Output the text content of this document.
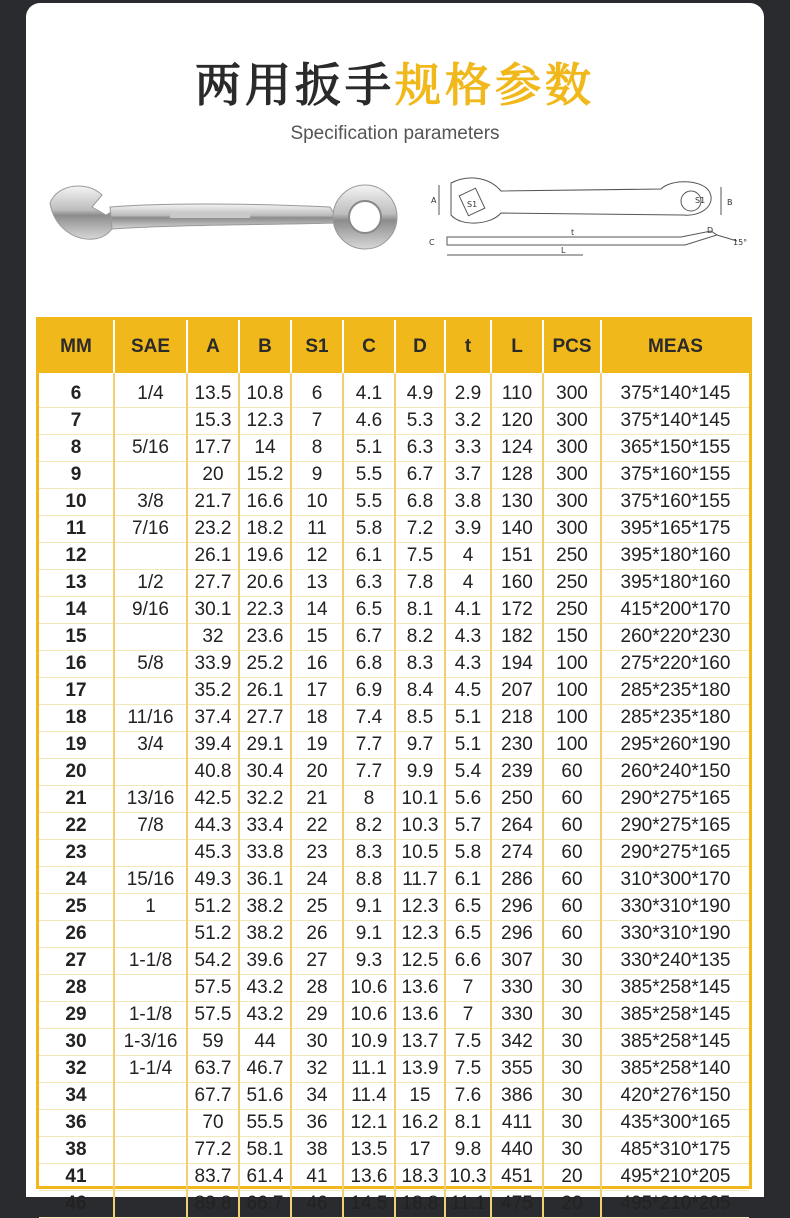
两用扳手规格参数
Specification parameters
B
A
C
D
t
L
S1
S1
15°
MM	SAE	A	B	S1	C	D	t	L	PCS	MEAS
6	1/4	13.5	10.8	6	4.1	4.9	2.9	110	300	375*140*145
7		15.3	12.3	7	4.6	5.3	3.2	120	300	375*140*145
8	5/16	17.7	14	8	5.1	6.3	3.3	124	300	365*150*155
9		20	15.2	9	5.5	6.7	3.7	128	300	375*160*155
10	3/8	21.7	16.6	10	5.5	6.8	3.8	130	300	375*160*155
11	7/16	23.2	18.2	11	5.8	7.2	3.9	140	300	395*165*175
12		26.1	19.6	12	6.1	7.5	4	151	250	395*180*160
13	1/2	27.7	20.6	13	6.3	7.8	4	160	250	395*180*160
14	9/16	30.1	22.3	14	6.5	8.1	4.1	172	250	415*200*170
15		32	23.6	15	6.7	8.2	4.3	182	150	260*220*230
16	5/8	33.9	25.2	16	6.8	8.3	4.3	194	100	275*220*160
17		35.2	26.1	17	6.9	8.4	4.5	207	100	285*235*180
18	11/16	37.4	27.7	18	7.4	8.5	5.1	218	100	285*235*180
19	3/4	39.4	29.1	19	7.7	9.7	5.1	230	100	295*260*190
20		40.8	30.4	20	7.7	9.9	5.4	239	60	260*240*150
21	13/16	42.5	32.2	21	8	10.1	5.6	250	60	290*275*165
22	7/8	44.3	33.4	22	8.2	10.3	5.7	264	60	290*275*165
23		45.3	33.8	23	8.3	10.5	5.8	274	60	290*275*165
24	15/16	49.3	36.1	24	8.8	11.7	6.1	286	60	310*300*170
25	1	51.2	38.2	25	9.1	12.3	6.5	296	60	330*310*190
26		51.2	38.2	26	9.1	12.3	6.5	296	60	330*310*190
27	1-1/8	54.2	39.6	27	9.3	12.5	6.6	307	30	330*240*135
28		57.5	43.2	28	10.6	13.6	7	330	30	385*258*145
29	1-1/8	57.5	43.2	29	10.6	13.6	7	330	30	385*258*145
30	1-3/16	59	44	30	10.9	13.7	7.5	342	30	385*258*145
32	1-1/4	63.7	46.7	32	11.1	13.9	7.5	355	30	385*258*140
34		67.7	51.6	34	11.4	15	7.6	386	30	420*276*150
36		70	55.5	36	12.1	16.2	8.1	411	30	435*300*165
38		77.2	58.1	38	13.5	17	9.8	440	30	485*310*175
41		83.7	61.4	41	13.6	18.3	10.3	451	20	495*210*205
46		89.8	66.7	46	14.5	18.8	11.1	475	20	495*210*205
